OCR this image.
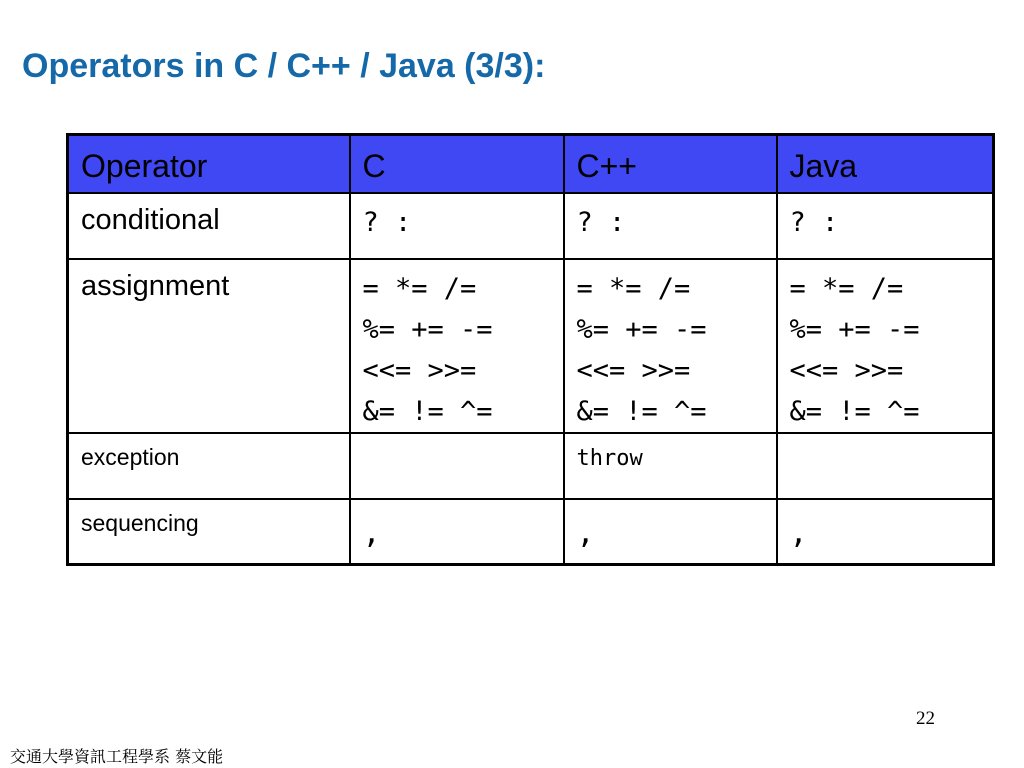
Operators in C / C++ / Java (3/3):
Operator	C	C++	Java

conditional	? :	? :	? :

assignment	= *= /=
%= += -=
<<= >>=
&= != ^=	= *= /=
%= += -=
<<= >>=
&= != ^=	= *= /=
%= += -=
<<= >>=
&= != ^=

exception		throw	

sequencing	,	,	,
22
交通大學資訊工程學系 蔡文能
